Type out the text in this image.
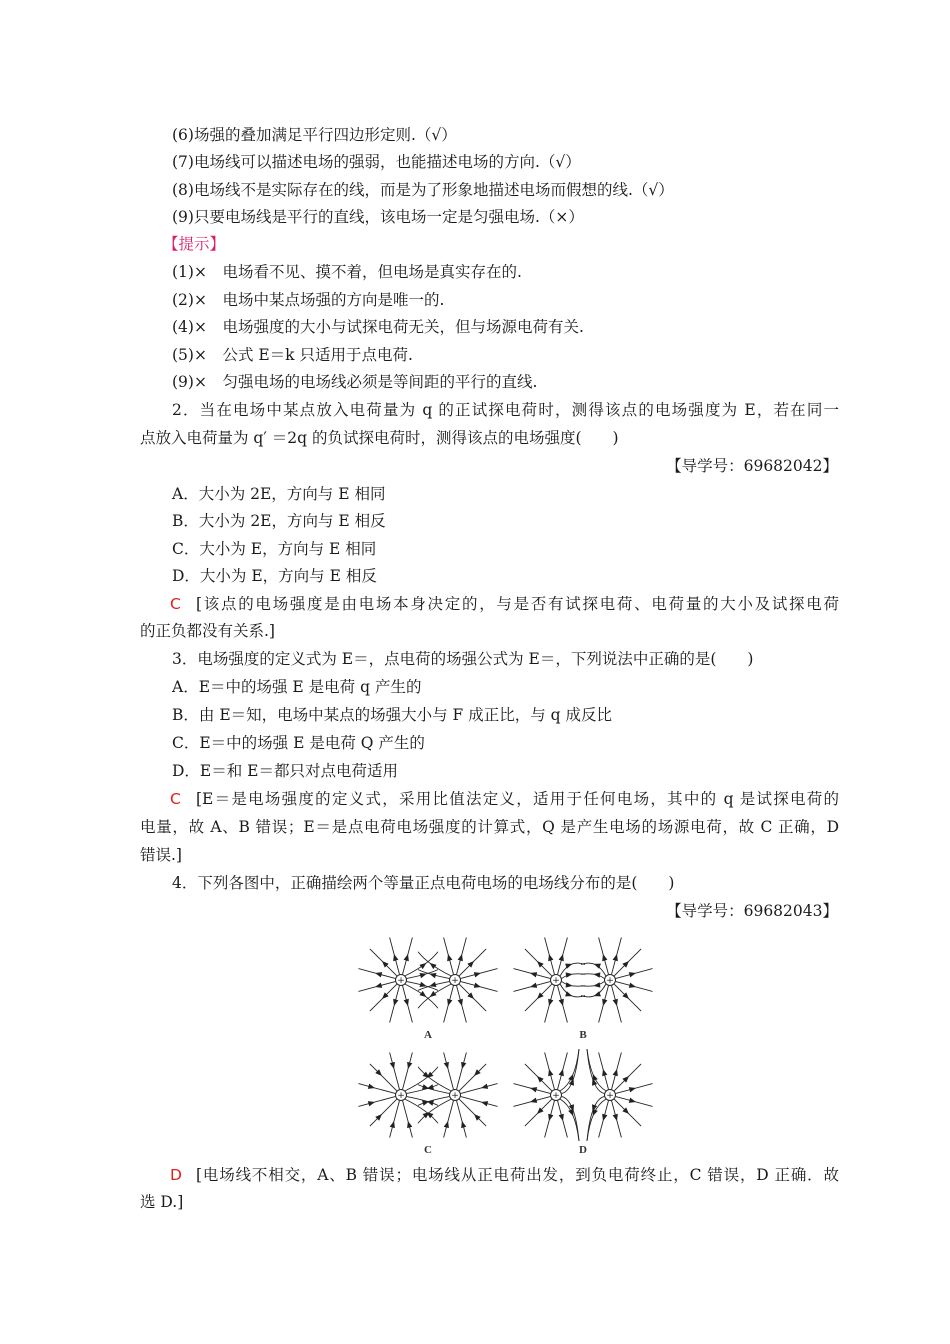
(6)场强的叠加满足平行四边形定则.（√）
(7)电场线可以描述电场的强弱，也能描述电场的方向.（√）
(8)电场线不是实际存在的线，而是为了形象地描述电场而假想的线.（√）
(9)只要电场线是平行的直线，该电场一定是匀强电场.（×）
【提示】
(1)×　电场看不见、摸不着，但电场是真实存在的.
(2)×　电场中某点场强的方向是唯一的.
(4)×　电场强度的大小与试探电荷无关，但与场源电荷有关.
(5)×　公式 E＝k 只适用于点电荷.
(9)×　匀强电场的电场线必须是等间距的平行的直线.
2．当在电场中某点放入电荷量为 q 的正试探电荷时，测得该点的电场强度为 E，若在同一
点放入电荷量为 q′ ＝2q 的负试探电荷时，测得该点的电场强度(　　)
【导学号：69682042】
A．大小为 2E，方向与 E 相同
B．大小为 2E，方向与 E 相反
C．大小为 E，方向与 E 相同
D．大小为 E，方向与 E 相反
C [该点的电场强度是由电场本身决定的，与是否有试探电荷、电荷量的大小及试探电荷
的正负都没有关系.]
3．电场强度的定义式为 E＝，点电荷的场强公式为 E＝，下列说法中正确的是(　　)
A．E＝中的场强 E 是电荷 q 产生的
B．由 E＝知，电场中某点的场强大小与 F 成正比，与 q 成反比
C．E＝中的场强 E 是电荷 Q 产生的
D．E＝和 E＝都只对点电荷适用
C [E＝是电场强度的定义式，采用比值法定义，适用于任何电场，其中的 q 是试探电荷的
电量，故 A、B 错误；E＝是点电荷电场强度的计算式，Q 是产生电场的场源电荷，故 C 正确，D
错误.]
4．下列各图中，正确描绘两个等量正点电荷电场的电场线分布的是(　　)
【导学号：69682043】
+	+
A
+	+
B
+	+
C
+	+
D
D [电场线不相交，A、B 错误；电场线从正电荷出发，到负电荷终止，C 错误，D 正确．故
选 D.]
